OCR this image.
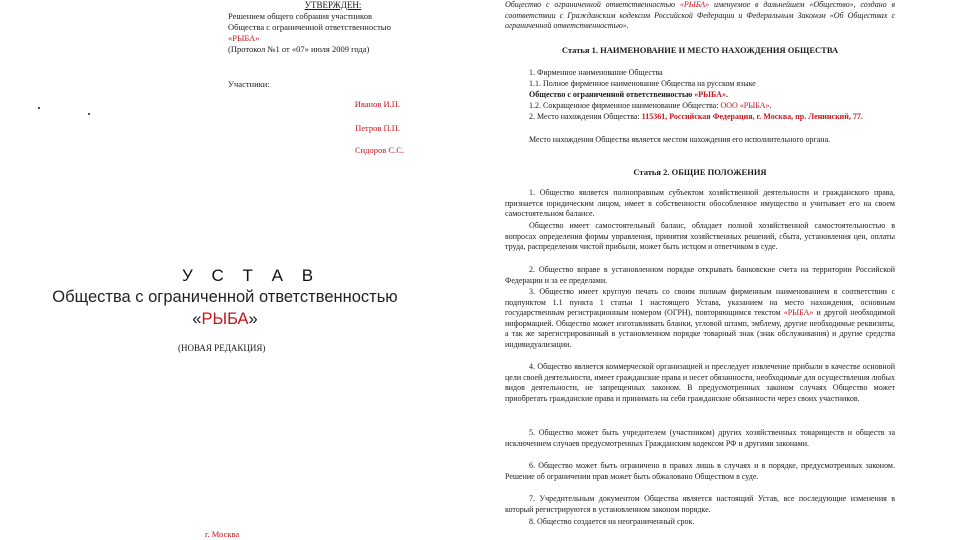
УТВЕРЖДЕН:

Решением общего собрания участников

Общества с ограниченной ответственностью

«РЫБА»

(Протокол №1 от «07» июля 2009 года)

Участники:
Иванов И.П.
Петров П.П.
Сидоров С.С.
У С Т А В
Общества с ограниченной ответственностью
«РЫБА»
(НОВАЯ РЕДАКЦИЯ)
г. Москва

Общество с ограниченной ответственностью «РЫБА» именуемое в дальнейшем «Общество», создано в соответствии с Гражданским кодексом Российской Федерации и Федеральным Законом «Об Обществах с ограниченной ответственностью».

Статья 1. НАИМЕНОВАНИЕ И МЕСТО НАХОЖДЕНИЯ ОБЩЕСТВА

1. Фирменное наименование Общества

1.1. Полное фирменное наименование Общества на русском языке

Общество с ограниченной ответственностью «РЫБА».

1.2. Сокращенное фирменное наименование Общества: ООО «РЫБА».

2. Место нахождения Общества: 115361, Российская Федерация, г. Москва, пр. Ленинский, 77.

Место нахождения Общества является местом нахождения его исполнительного органа.

Статья 2. ОБЩИЕ ПОЛОЖЕНИЯ

1. Общество является полноправным субъектом хозяйственной деятельности и гражданского права, признается юридическим лицом, имеет в собственности обособленное имущество и учитывает его на своем самостоятельном балансе.

Общество имеет самостоятельный баланс, обладает полной хозяйственной самостоятельностью в вопросах определения формы управления, принятия хозяйственных решений, сбыта, установления цен, оплаты труда, распределения чистой прибыли, может быть истцом и ответчиком в суде.

2. Общество вправе в установленном порядке открывать банковские счета на территории Российской Федерации и за ее пределами.

3. Общество имеет круглую печать со своим полным фирменным наименованием в соответствии с подпунктом 1.1 пункта 1 статьи 1 настоящего Устава, указанием на место нахождения, основным государственным регистрационным номером (ОГРН), повторяющимся текстом «РЫБА» и другой необходимой информацией. Общество может изготавливать бланки, угловой штамп, эмблему, другие необходимые реквизиты, а так же зарегистрированный в установленном порядке товарный знак (знак обслуживания) и другие средства индивидуализации.

4. Общество является коммерческой организацией и преследует извлечение прибыли в качестве основной цели своей деятельности, имеет гражданские права и несет обязанности, необходимые для осуществления любых видов деятельности, не запрещенных законом. В предусмотренных законом случаях Общество может приобретать гражданские права и принимать на себя гражданские обязанности через своих участников.

5. Общество может быть учредителем (участником) других хозяйственных товариществ и обществ за исключением случаев предусмотренных Гражданским кодексом РФ и другими законами.

6. Общество может быть ограничено в правах лишь в случаях и в порядке, предусмотренных законом. Решение об ограничении прав может быть обжаловано Обществом в суде.

7. Учредительным документом Общества является настоящий Устав, все последующие изменения в который регистрируются в установленном законом порядке.

8. Общество создается на неограниченный срок.
